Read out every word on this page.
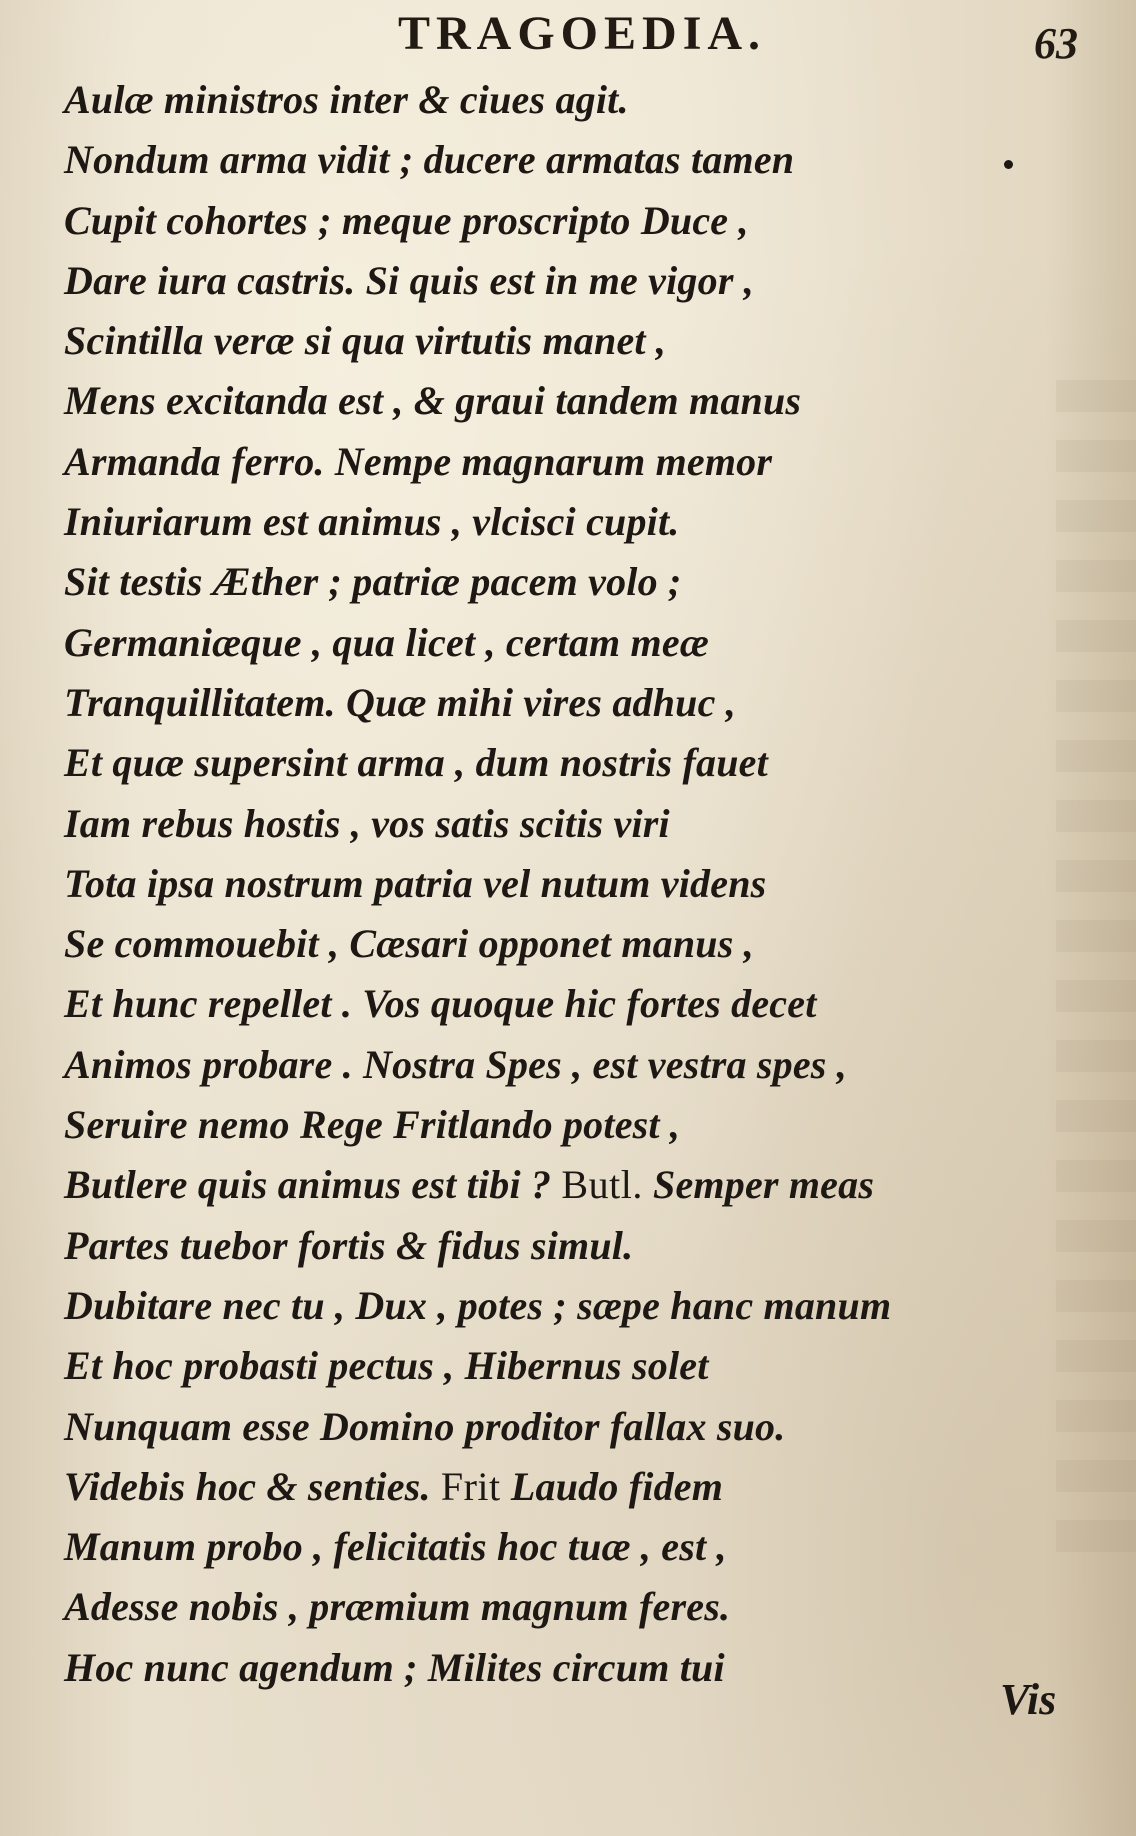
TRAGOEDIA.	63
Aulæ ministros inter & ciues agit.
Nondum arma vidit ; ducere armatas tamen
Cupit cohortes ; meque proscripto Duce ,
Dare iura castris. Si quis est in me vigor ,
Scintilla veræ si qua virtutis manet ,
Mens excitanda est , & graui tandem manus
Armanda ferro. Nempe magnarum memor
Iniuriarum est animus , vlcisci cupit.
Sit testis Æther ; patriæ pacem volo ;
Germaniæque , qua licet , certam meæ
Tranquillitatem. Quæ mihi vires adhuc ,
Et quæ supersint arma , dum nostris fauet
Iam rebus hostis , vos satis scitis viri
Tota ipsa nostrum patria vel nutum videns
Se commouebit , Cæsari opponet manus ,
Et hunc repellet . Vos quoque hic fortes decet
Animos probare . Nostra Spes , est vestra spes ,
Seruire nemo Rege Fritlando potest ,
Butlere quis animus est tibi ? Butl. Semper meas
Partes tuebor fortis & fidus simul.
Dubitare nec tu , Dux , potes ; sæpe hanc manum
Et hoc probasti pectus , Hibernus solet
Nunquam esse Domino proditor fallax suo.
Videbis hoc & senties. Frit Laudo fidem
Manum probo , felicitatis hoc tuæ , est ,
Adesse nobis , præmium magnum feres.
Hoc nunc agendum ; Milites circum tui
Vis
